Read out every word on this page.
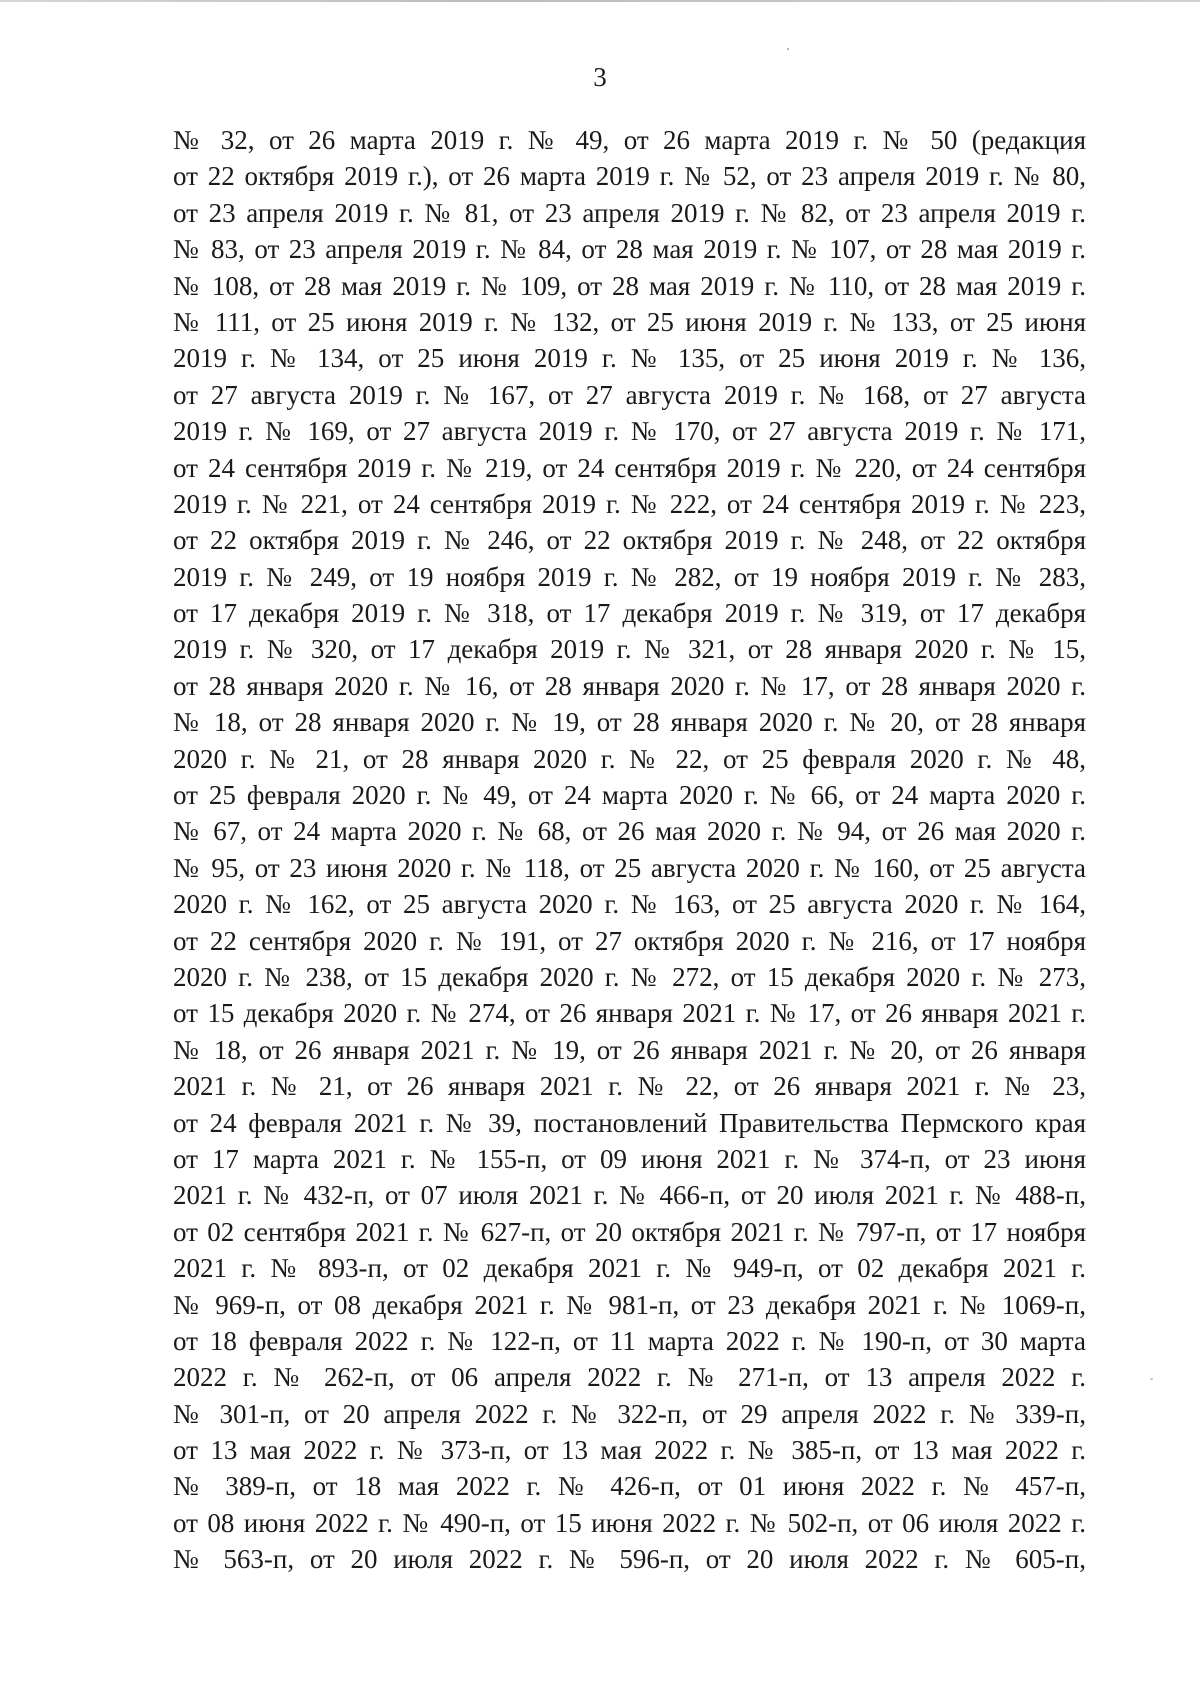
3
№ 32, от 26 марта 2019 г. № 49, от 26 марта 2019 г. № 50 (редакция
от 22 октября 2019 г.), от 26 марта 2019 г. № 52, от 23 апреля 2019 г. № 80,
от 23 апреля 2019 г. № 81, от 23 апреля 2019 г. № 82, от 23 апреля 2019 г.
№ 83, от 23 апреля 2019 г. № 84, от 28 мая 2019 г. № 107, от 28 мая 2019 г.
№ 108, от 28 мая 2019 г. № 109, от 28 мая 2019 г. № 110, от 28 мая 2019 г.
№ 111, от 25 июня 2019 г. № 132, от 25 июня 2019 г. № 133, от 25 июня
2019 г. № 134, от 25 июня 2019 г. № 135, от 25 июня 2019 г. № 136,
от 27 августа 2019 г. № 167, от 27 августа 2019 г. № 168, от 27 августа
2019 г. № 169, от 27 августа 2019 г. № 170, от 27 августа 2019 г. № 171,
от 24 сентября 2019 г. № 219, от 24 сентября 2019 г. № 220, от 24 сентября
2019 г. № 221, от 24 сентября 2019 г. № 222, от 24 сентября 2019 г. № 223,
от 22 октября 2019 г. № 246, от 22 октября 2019 г. № 248, от 22 октября
2019 г. № 249, от 19 ноября 2019 г. № 282, от 19 ноября 2019 г. № 283,
от 17 декабря 2019 г. № 318, от 17 декабря 2019 г. № 319, от 17 декабря
2019 г. № 320, от 17 декабря 2019 г. № 321, от 28 января 2020 г. № 15,
от 28 января 2020 г. № 16, от 28 января 2020 г. № 17, от 28 января 2020 г.
№ 18, от 28 января 2020 г. № 19, от 28 января 2020 г. № 20, от 28 января
2020 г. № 21, от 28 января 2020 г. № 22, от 25 февраля 2020 г. № 48,
от 25 февраля 2020 г. № 49, от 24 марта 2020 г. № 66, от 24 марта 2020 г.
№ 67, от 24 марта 2020 г. № 68, от 26 мая 2020 г. № 94, от 26 мая 2020 г.
№ 95, от 23 июня 2020 г. № 118, от 25 августа 2020 г. № 160, от 25 августа
2020 г. № 162, от 25 августа 2020 г. № 163, от 25 августа 2020 г. № 164,
от 22 сентября 2020 г. № 191, от 27 октября 2020 г. № 216, от 17 ноября
2020 г. № 238, от 15 декабря 2020 г. № 272, от 15 декабря 2020 г. № 273,
от 15 декабря 2020 г. № 274, от 26 января 2021 г. № 17, от 26 января 2021 г.
№ 18, от 26 января 2021 г. № 19, от 26 января 2021 г. № 20, от 26 января
2021 г. № 21, от 26 января 2021 г. № 22, от 26 января 2021 г. № 23,
от 24 февраля 2021 г. № 39, постановлений Правительства Пермского края
от 17 марта 2021 г. № 155-п, от 09 июня 2021 г. № 374-п, от 23 июня
2021 г. № 432-п, от 07 июля 2021 г. № 466-п, от 20 июля 2021 г. № 488-п,
от 02 сентября 2021 г. № 627-п, от 20 октября 2021 г. № 797-п, от 17 ноября
2021 г. № 893-п, от 02 декабря 2021 г. № 949-п, от 02 декабря 2021 г.
№ 969-п, от 08 декабря 2021 г. № 981-п, от 23 декабря 2021 г. № 1069-п,
от 18 февраля 2022 г. № 122-п, от 11 марта 2022 г. № 190-п, от 30 марта
2022 г. № 262-п, от 06 апреля 2022 г. № 271-п, от 13 апреля 2022 г.
№ 301-п, от 20 апреля 2022 г. № 322-п, от 29 апреля 2022 г. № 339-п,
от 13 мая 2022 г. № 373-п, от 13 мая 2022 г. № 385-п, от 13 мая 2022 г.
№ 389-п, от 18 мая 2022 г. № 426-п, от 01 июня 2022 г. № 457-п,
от 08 июня 2022 г. № 490-п, от 15 июня 2022 г. № 502-п, от 06 июля 2022 г.
№ 563-п, от 20 июля 2022 г. № 596-п, от 20 июля 2022 г. № 605-п,
